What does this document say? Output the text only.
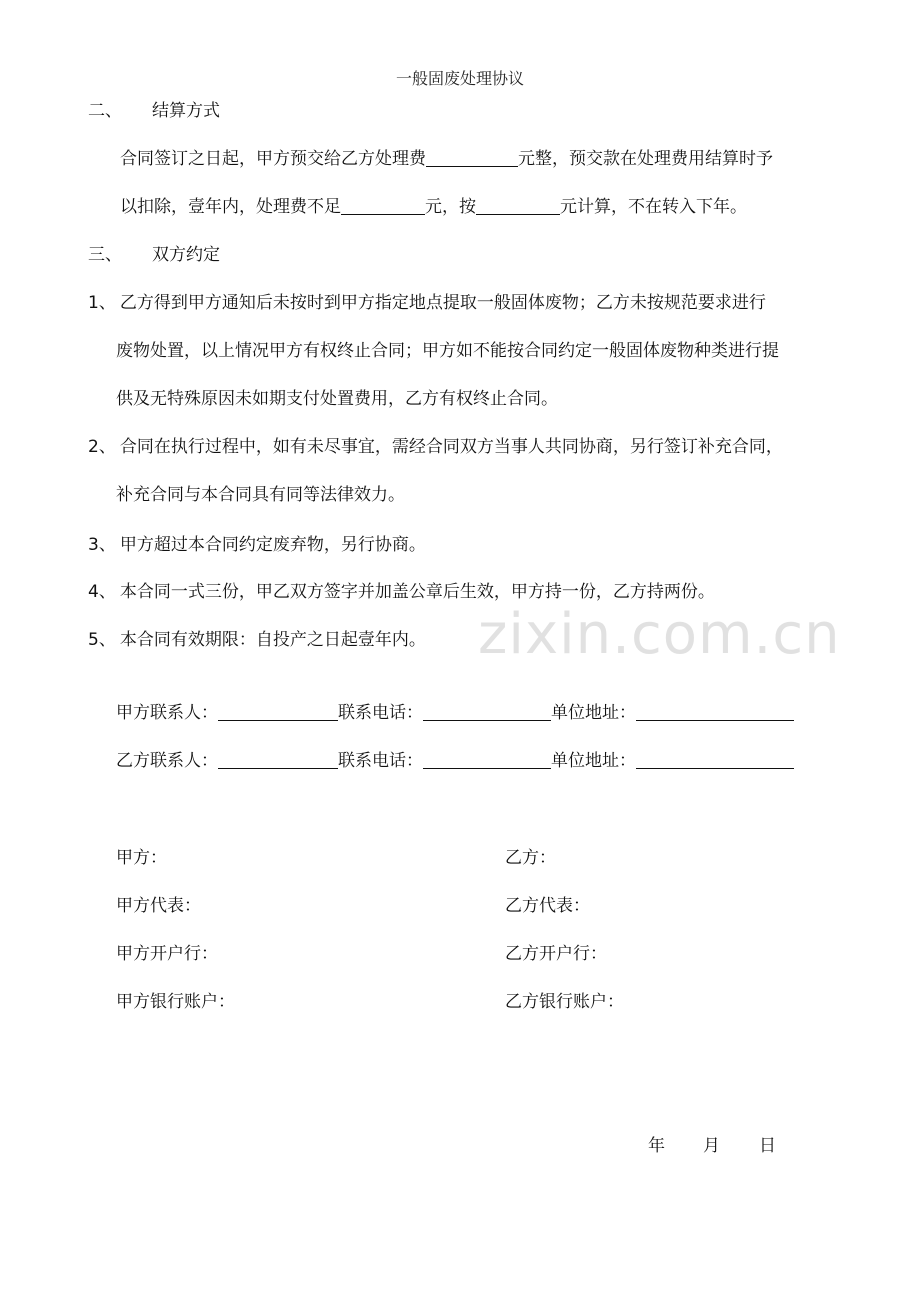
一般固废处理协议
二、 结算方式
合同签订之日起，甲方预交给乙方处理费	元整，预交款在处理费用结算时予
以扣除，壹年内，处理费不足	元，按	元计算，不在转入下年。
三、 双方约定
1、 乙方得到甲方通知后未按时到甲方指定地点提取一般固体废物；乙方未按规范要求进行
废物处置，以上情况甲方有权终止合同；甲方如不能按合同约定一般固体废物种类进行提
供及无特殊原因未如期支付处置费用，乙方有权终止合同。
2、 合同在执行过程中，如有未尽事宜，需经合同双方当事人共同协商，另行签订补充合同，
补充合同与本合同具有同等法律效力。
3、 甲方超过本合同约定废弃物，另行协商。
4、 本合同一式三份，甲乙双方签字并加盖公章后生效，甲方持一份，乙方持两份。
5、 本合同有效期限：自投产之日起壹年内。 zixin.com.cn
甲方联系人：	联系电话：	单位地址：
乙方联系人：	联系电话：	单位地址：
甲方：	乙方：
甲方代表：	乙方代表：
甲方开户行：	乙方开户行：
甲方银行账户：	乙方银行账户：
年 月 日
